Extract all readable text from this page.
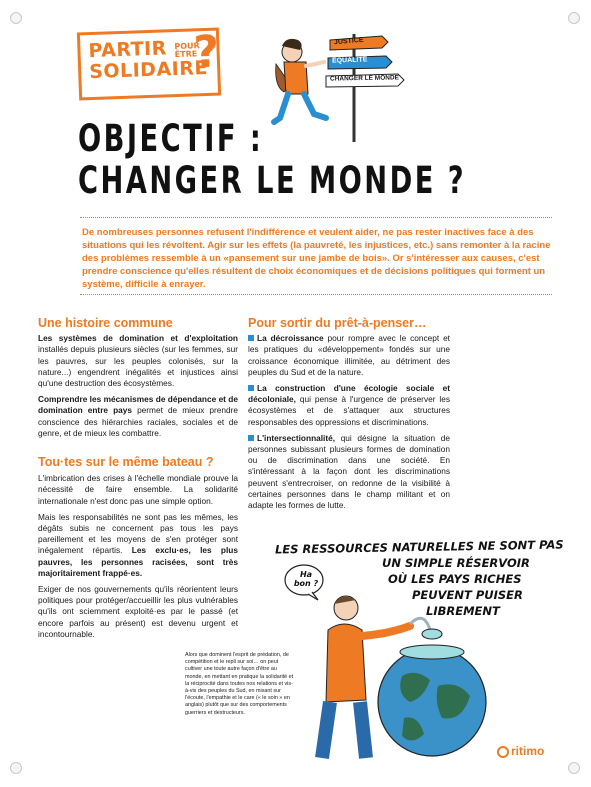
PARTIR POUR ÊTRE
SOLIDAIRE
?	JUSTICE
ÉQUALITÉ
CHANGER LE MONDE
OBJECTIF :
CHANGER LE MONDE ?
De nombreuses personnes refusent l'indifférence et veulent aider, ne pas rester inactives face à des situations qui les révoltent. Agir sur les effets (la pauvreté, les injustices, etc.) sans remonter à la racine des problèmes ressemble à un «pansement sur une jambe de bois». Or s'intéresser aux causes, c'est prendre conscience qu'elles résultent de choix économiques et de décisions politiques qui forment un système, difficile à enrayer.
Une histoire commune

Les systèmes de domination et d'exploitation installés depuis plusieurs siècles (sur les femmes, sur les pauvres, sur les peuples colonisés, sur la nature...) engendrent inégalités et injustices ainsi qu'une destruction des écosystèmes.

Comprendre les mécanismes de dépendance et de domination entre pays permet de mieux prendre conscience des hiérarchies raciales, sociales et de genre, et de mieux les combattre.

Tou·tes sur le même bateau ?

L'imbrication des crises à l'échelle mondiale prouve la nécessité de faire ensemble. La solidarité internationale n'est donc pas une simple option.

Mais les responsabilités ne sont pas les mêmes, les dégâts subis ne concernent pas tous les pays pareillement et les moyens de s'en protéger sont inégalement répartis. Les exclu·es, les plus pauvres, les personnes racisées, sont très majoritairement frappé·es.

Exiger de nos gouvernements qu'ils réorientent leurs politiques pour protéger/accueillir les plus vulnérables qu'ils ont sciemment exploité·es par le passé (et encore parfois au présent) est devenu urgent et incontournable.

Pour sortir du prêt-à-penser…

La décroissance pour rompre avec le concept et les pratiques du «développement» fondés sur une croissance économique illimitée, au détriment des peuples du Sud et de la nature.

La construction d'une écologie sociale et décoloniale, qui pense à l'urgence de préserver les écosystèmes et de s'attaquer aux structures responsables des oppressions et discriminations.

L'intersectionnalité, qui désigne la situation de personnes subissant plusieurs formes de domination ou de discrimination dans une société. En s'intéressant à la façon dont les discriminations peuvent s'entrecroiser, on redonne de la visibilité à certaines personnes dans le champ militant et on adapte les formes de lutte.

LES RESSOURCES NATURELLES NE SONT PAS
UN SIMPLE RÉSERVOIR
OÙ LES PAYS RICHES
PEUVENT PUISER
LIBREMENT
Ha bon ?
Alors que dominent l'esprit de prédation, de compétition et le repli sur soi… on peut cultiver une toute autre façon d'être au monde, en mettant en pratique la solidarité et la réciprocité dans toutes nos relations et vis-à-vis des peuples du Sud, en misant sur l'écoute, l'empathie et le care (« le soin » en anglais) plutôt que sur des comportements guerriers et destructeurs.
ritimo
